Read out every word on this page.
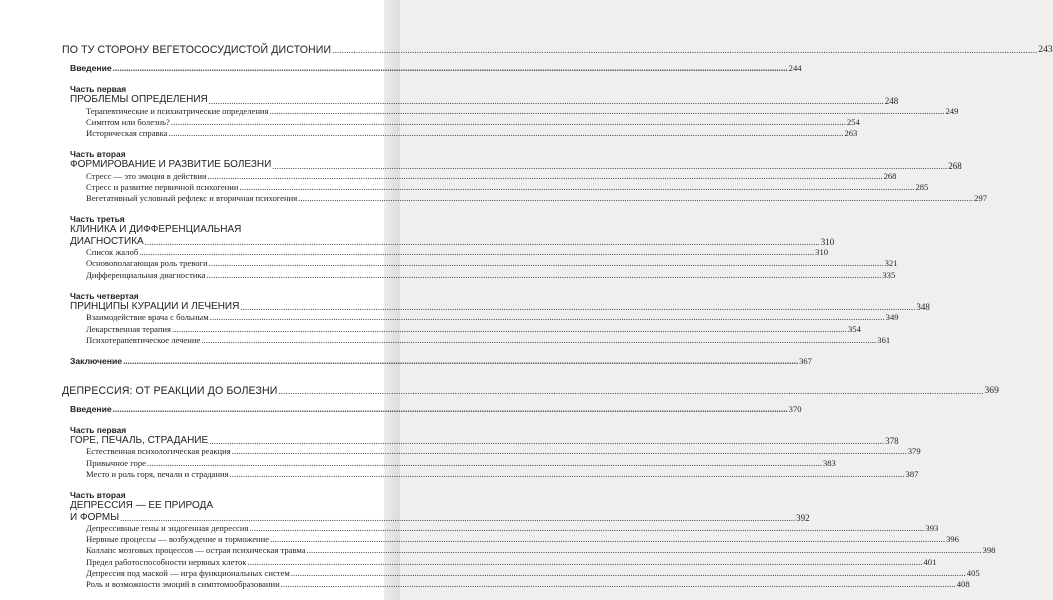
ПО ТУ СТОРОНУ ВЕГЕТОСОСУДИСТОЙ ДИСТОНИИ ............................................................................................................................................................................................................................................................................................................ 243
Введение ............................................................................................................................................................................................................................................................................................................ 244
Часть первая
ПРОБЛЕМЫ ОПРЕДЕЛЕНИЯ ............................................................................................................................................................................................................................................................................................................ 248
Терапевтические и психиатрические определения ............................................................................................................................................................................................................................................................................................................ 249
Симптом или болезнь? ............................................................................................................................................................................................................................................................................................................ 254
Историческая справка ............................................................................................................................................................................................................................................................................................................ 263
Часть вторая
ФОРМИРОВАНИЕ И РАЗВИТИЕ БОЛЕЗНИ ............................................................................................................................................................................................................................................................................................................ 268
Стресс — это эмоция в действии ............................................................................................................................................................................................................................................................................................................ 268
Стресс и развитие первичной психогении ............................................................................................................................................................................................................................................................................................................ 285
Вегетативный условный рефлекс и вторичная психогения ............................................................................................................................................................................................................................................................................................................ 297
Часть третья
КЛИНИКА И ДИФФЕРЕНЦИАЛЬНАЯ
ДИАГНОСТИКА ............................................................................................................................................................................................................................................................................................................ 310
Список жалоб ............................................................................................................................................................................................................................................................................................................ 310
Основополагающая роль тревоги ............................................................................................................................................................................................................................................................................................................ 321
Дифференциальная диагностика ............................................................................................................................................................................................................................................................................................................ 335
Часть четвертая
ПРИНЦИПЫ КУРАЦИИ И ЛЕЧЕНИЯ ............................................................................................................................................................................................................................................................................................................ 348
Взаимодействие врача с больным ............................................................................................................................................................................................................................................................................................................ 349
Лекарственная терапия ............................................................................................................................................................................................................................................................................................................ 354
Психотерапевтическое лечение ............................................................................................................................................................................................................................................................................................................ 361
Заключение ............................................................................................................................................................................................................................................................................................................ 367
ДЕПРЕССИЯ: ОТ РЕАКЦИИ ДО БОЛЕЗНИ ............................................................................................................................................................................................................................................................................................................ 369
Введение ............................................................................................................................................................................................................................................................................................................ 370
Часть первая
ГОРЕ, ПЕЧАЛЬ, СТРАДАНИЕ ............................................................................................................................................................................................................................................................................................................ 378
Естественная психологическая реакция ............................................................................................................................................................................................................................................................................................................ 379
Привычное горе ............................................................................................................................................................................................................................................................................................................ 383
Место и роль горя, печали и страдания ............................................................................................................................................................................................................................................................................................................ 387
Часть вторая
ДЕПРЕССИЯ — ЕЕ ПРИРОДА
И ФОРМЫ ............................................................................................................................................................................................................................................................................................................ 392
Депрессивные гены и эндогенная депрессия ............................................................................................................................................................................................................................................................................................................ 393
Нервные процессы — возбуждение и торможение ............................................................................................................................................................................................................................................................................................................ 396
Коллапс мозговых процессов — острая психическая травма ............................................................................................................................................................................................................................................................................................................ 398
Предел работоспособности нервных клеток ............................................................................................................................................................................................................................................................................................................ 401
Депрессия под маской — игра функциональных систем ............................................................................................................................................................................................................................................................................................................ 405
Роль и возможности эмоций в симптомообразовании ............................................................................................................................................................................................................................................................................................................ 408
